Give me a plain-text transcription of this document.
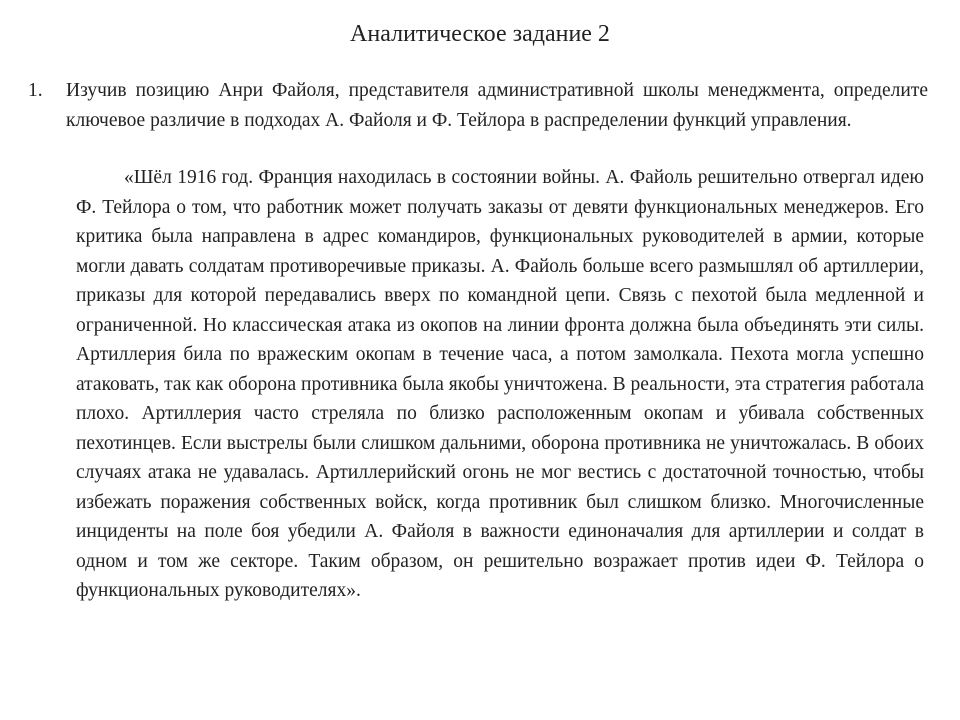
Аналитическое задание 2
1. Изучив позицию Анри Файоля, представителя административной школы менеджмента, определите ключевое различие в подходах А. Файоля и Ф. Тейлора в распределении функций управления.

«Шёл 1916 год. Франция находилась в состоянии войны. А. Файоль решительно отвергал идею Ф. Тейлора о том, что работник может получать заказы от девяти функциональных менеджеров. Его критика была направлена в адрес командиров, функциональных руководителей в армии, которые могли давать солдатам противоречивые приказы. А. Файоль больше всего размышлял об артиллерии, приказы для которой передавались вверх по командной цепи. Связь с пехотой была медленной и ограниченной. Но классическая атака из окопов на линии фронта должна была объединять эти силы. Артиллерия била по вражеским окопам в течение часа, а потом замолкала. Пехота могла успешно атаковать, так как оборона противника была якобы уничтожена. В реальности, эта стратегия работала плохо. Артиллерия часто стреляла по близко расположенным окопам и убивала собственных пехотинцев. Если выстрелы были слишком дальними, оборона противника не уничтожалась. В обоих случаях атака не удавалась. Артиллерийский огонь не мог вестись с достаточной точностью, чтобы избежать поражения собственных войск, когда противник был слишком близко. Многочисленные инциденты на поле боя убедили А. Файоля в важности единоначалия для артиллерии и солдат в одном и том же секторе. Таким образом, он решительно возражает против идеи Ф. Тейлора о функциональных руководителях».
